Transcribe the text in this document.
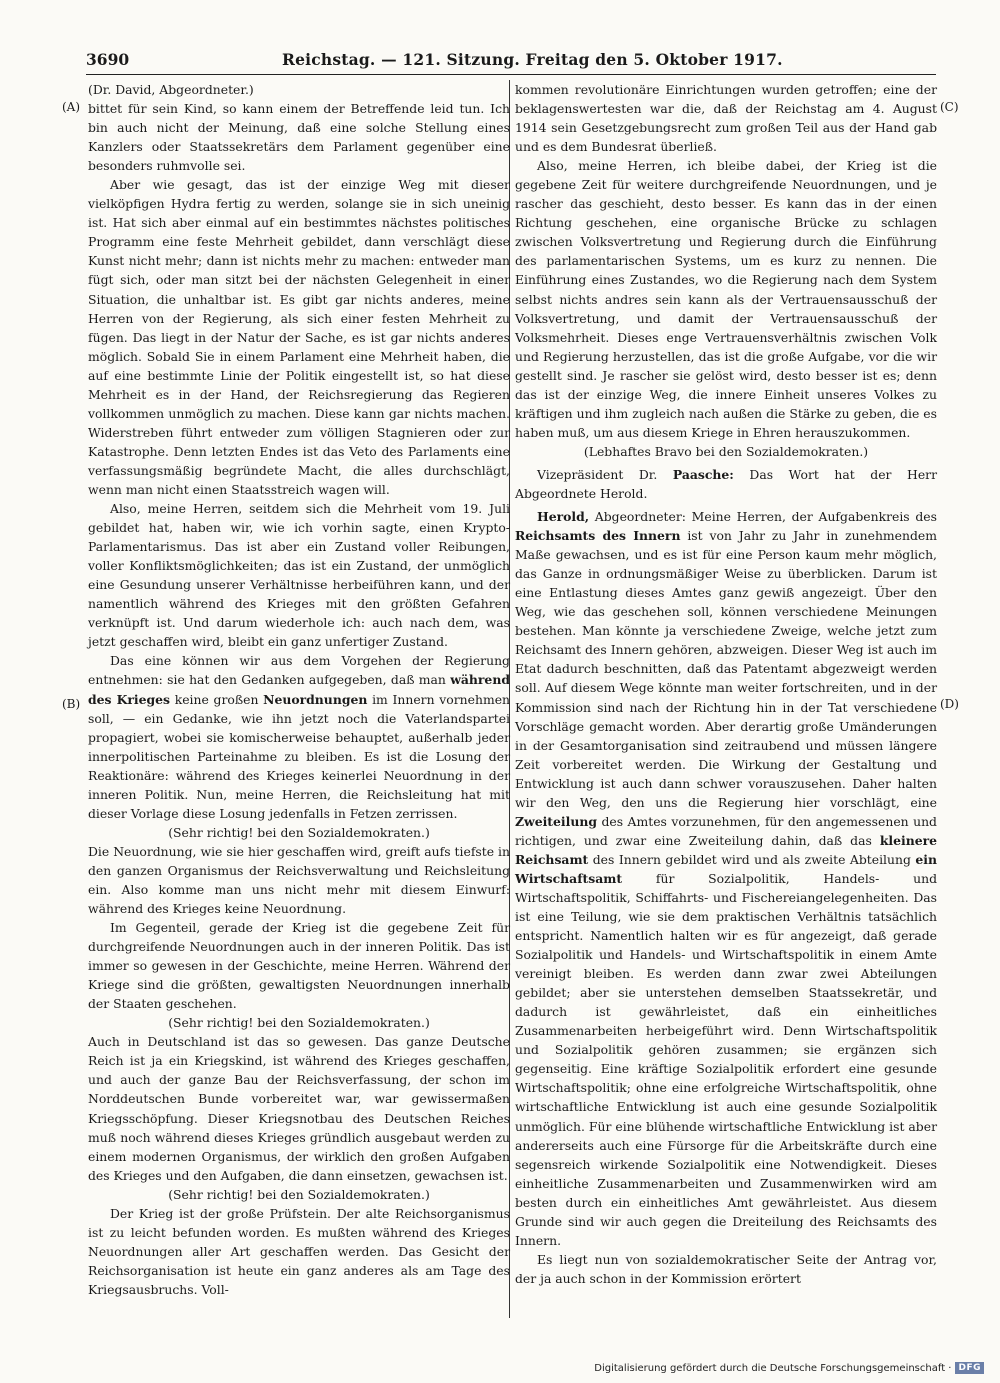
3690	Reichstag. — 121. Sitzung. Freitag den 5. Oktober 1917.
(A)
(B)
(C)
(D)

(Dr. David, Abgeordneter.)

bittet für sein Kind, so kann einem der Betreffende leid tun. Ich bin auch nicht der Meinung, daß eine solche Stellung eines Kanzlers oder Staatssekretärs dem Parlament gegenüber eine besonders ruhmvolle sei.

Aber wie gesagt, das ist der einzige Weg mit dieser vielköpfigen Hydra fertig zu werden, solange sie in sich uneinig ist. Hat sich aber einmal auf ein bestimmtes nächstes politisches Programm eine feste Mehrheit gebildet, dann verschlägt diese Kunst nicht mehr; dann ist nichts mehr zu machen: entweder man fügt sich, oder man sitzt bei der nächsten Gelegenheit in einer Situation, die unhaltbar ist. Es gibt gar nichts anderes, meine Herren von der Regierung, als sich einer festen Mehrheit zu fügen. Das liegt in der Natur der Sache, es ist gar nichts anderes möglich. Sobald Sie in einem Parlament eine Mehrheit haben, die auf eine bestimmte Linie der Politik eingestellt ist, so hat diese Mehrheit es in der Hand, der Reichsregierung das Regieren vollkommen unmöglich zu machen. Diese kann gar nichts machen. Widerstreben führt entweder zum völligen Stagnieren oder zur Katastrophe. Denn letzten Endes ist das Veto des Parlaments eine verfassungsmäßig begründete Macht, die alles durchschlägt, wenn man nicht einen Staatsstreich wagen will.

Also, meine Herren, seitdem sich die Mehrheit vom 19. Juli gebildet hat, haben wir, wie ich vorhin sagte, einen Krypto-Parlamentarismus. Das ist aber ein Zustand voller Reibungen, voller Konfliktsmöglichkeiten; das ist ein Zustand, der unmöglich eine Gesundung unserer Verhältnisse herbeiführen kann, und der namentlich während des Krieges mit den größten Gefahren verknüpft ist. Und darum wiederhole ich: auch nach dem, was jetzt geschaffen wird, bleibt ein ganz unfertiger Zustand.

Das eine können wir aus dem Vorgehen der Regierung entnehmen: sie hat den Gedanken aufgegeben, daß man während des Krieges keine großen Neuordnungen im Innern vornehmen soll, — ein Gedanke, wie ihn jetzt noch die Vaterlandspartei propagiert, wobei sie komischerweise behauptet, außerhalb jeder innerpolitischen Parteinahme zu bleiben. Es ist die Losung der Reaktionäre: während des Krieges keinerlei Neuordnung in der inneren Politik. Nun, meine Herren, die Reichsleitung hat mit dieser Vorlage diese Losung jedenfalls in Fetzen zerrissen.

(Sehr richtig! bei den Sozialdemokraten.)

Die Neuordnung, wie sie hier geschaffen wird, greift aufs tiefste in den ganzen Organismus der Reichsverwaltung und Reichsleitung ein. Also komme man uns nicht mehr mit diesem Einwurf: während des Krieges keine Neuordnung.

Im Gegenteil, gerade der Krieg ist die gegebene Zeit für durchgreifende Neuordnungen auch in der inneren Politik. Das ist immer so gewesen in der Geschichte, meine Herren. Während der Kriege sind die größten, gewaltigsten Neuordnungen innerhalb der Staaten geschehen.

(Sehr richtig! bei den Sozialdemokraten.)

Auch in Deutschland ist das so gewesen. Das ganze Deutsche Reich ist ja ein Kriegskind, ist während des Krieges geschaffen, und auch der ganze Bau der Reichsverfassung, der schon im Norddeutschen Bunde vorbereitet war, war gewissermaßen Kriegsschöpfung. Dieser Kriegsnotbau des Deutschen Reiches muß noch während dieses Krieges gründlich ausgebaut werden zu einem modernen Organismus, der wirklich den großen Aufgaben des Krieges und den Aufgaben, die dann einsetzen, gewachsen ist.

(Sehr richtig! bei den Sozialdemokraten.)

Der Krieg ist der große Prüfstein. Der alte Reichsorganismus ist zu leicht befunden worden. Es mußten während des Krieges Neuordnungen aller Art geschaffen werden. Das Gesicht der Reichsorganisation ist heute ein ganz anderes als am Tage des Kriegsausbruchs. Voll-

kommen revolutionäre Einrichtungen wurden getroffen; eine der beklagenswertesten war die, daß der Reichstag am 4. August 1914 sein Gesetzgebungsrecht zum großen Teil aus der Hand gab und es dem Bundesrat überließ.

Also, meine Herren, ich bleibe dabei, der Krieg ist die gegebene Zeit für weitere durchgreifende Neuordnungen, und je rascher das geschieht, desto besser. Es kann das in der einen Richtung geschehen, eine organische Brücke zu schlagen zwischen Volksvertretung und Regierung durch die Einführung des parlamentarischen Systems, um es kurz zu nennen. Die Einführung eines Zustandes, wo die Regierung nach dem System selbst nichts andres sein kann als der Vertrauensausschuß der Volksvertretung, und damit der Vertrauensausschuß der Volksmehrheit. Dieses enge Vertrauensverhältnis zwischen Volk und Regierung herzustellen, das ist die große Aufgabe, vor die wir gestellt sind. Je rascher sie gelöst wird, desto besser ist es; denn das ist der einzige Weg, die innere Einheit unseres Volkes zu kräftigen und ihm zugleich nach außen die Stärke zu geben, die es haben muß, um aus diesem Kriege in Ehren herauszukommen.

(Lebhaftes Bravo bei den Sozialdemokraten.)

Vizepräsident Dr. Paasche: Das Wort hat der Herr Abgeordnete Herold.

Herold, Abgeordneter: Meine Herren, der Aufgabenkreis des Reichsamts des Innern ist von Jahr zu Jahr in zunehmendem Maße gewachsen, und es ist für eine Person kaum mehr möglich, das Ganze in ordnungsmäßiger Weise zu überblicken. Darum ist eine Entlastung dieses Amtes ganz gewiß angezeigt. Über den Weg, wie das geschehen soll, können verschiedene Meinungen bestehen. Man könnte ja verschiedene Zweige, welche jetzt zum Reichsamt des Innern gehören, abzweigen. Dieser Weg ist auch im Etat dadurch beschnitten, daß das Patentamt abgezweigt werden soll. Auf diesem Wege könnte man weiter fortschreiten, und in der Kommission sind nach der Richtung hin in der Tat verschiedene Vorschläge gemacht worden. Aber derartig große Umänderungen in der Gesamtorganisation sind zeitraubend und müssen längere Zeit vorbereitet werden. Die Wirkung der Gestaltung und Entwicklung ist auch dann schwer vorauszusehen. Daher halten wir den Weg, den uns die Regierung hier vorschlägt, eine Zweiteilung des Amtes vorzunehmen, für den angemessenen und richtigen, und zwar eine Zweiteilung dahin, daß das kleinere Reichsamt des Innern gebildet wird und als zweite Abteilung ein Wirtschaftsamt für Sozialpolitik, Handels- und Wirtschaftspolitik, Schiffahrts- und Fischereiangelegenheiten. Das ist eine Teilung, wie sie dem praktischen Verhältnis tatsächlich entspricht. Namentlich halten wir es für angezeigt, daß gerade Sozialpolitik und Handels- und Wirtschaftspolitik in einem Amte vereinigt bleiben. Es werden dann zwar zwei Abteilungen gebildet; aber sie unterstehen demselben Staatssekretär, und dadurch ist gewährleistet, daß ein einheitliches Zusammenarbeiten herbeigeführt wird. Denn Wirtschaftspolitik und Sozialpolitik gehören zusammen; sie ergänzen sich gegenseitig. Eine kräftige Sozialpolitik erfordert eine gesunde Wirtschaftspolitik; ohne eine erfolgreiche Wirtschaftspolitik, ohne wirtschaftliche Entwicklung ist auch eine gesunde Sozialpolitik unmöglich. Für eine blühende wirtschaftliche Entwicklung ist aber andererseits auch eine Fürsorge für die Arbeitskräfte durch eine segensreich wirkende Sozialpolitik eine Notwendigkeit. Dieses einheitliche Zusammenarbeiten und Zusammenwirken wird am besten durch ein einheitliches Amt gewährleistet. Aus diesem Grunde sind wir auch gegen die Dreiteilung des Reichsamts des Innern.

Es liegt nun von sozialdemokratischer Seite der Antrag vor, der ja auch schon in der Kommission erörtert

Digitalisierung gefördert durch die Deutsche Forschungsgemeinschaft · DFG
